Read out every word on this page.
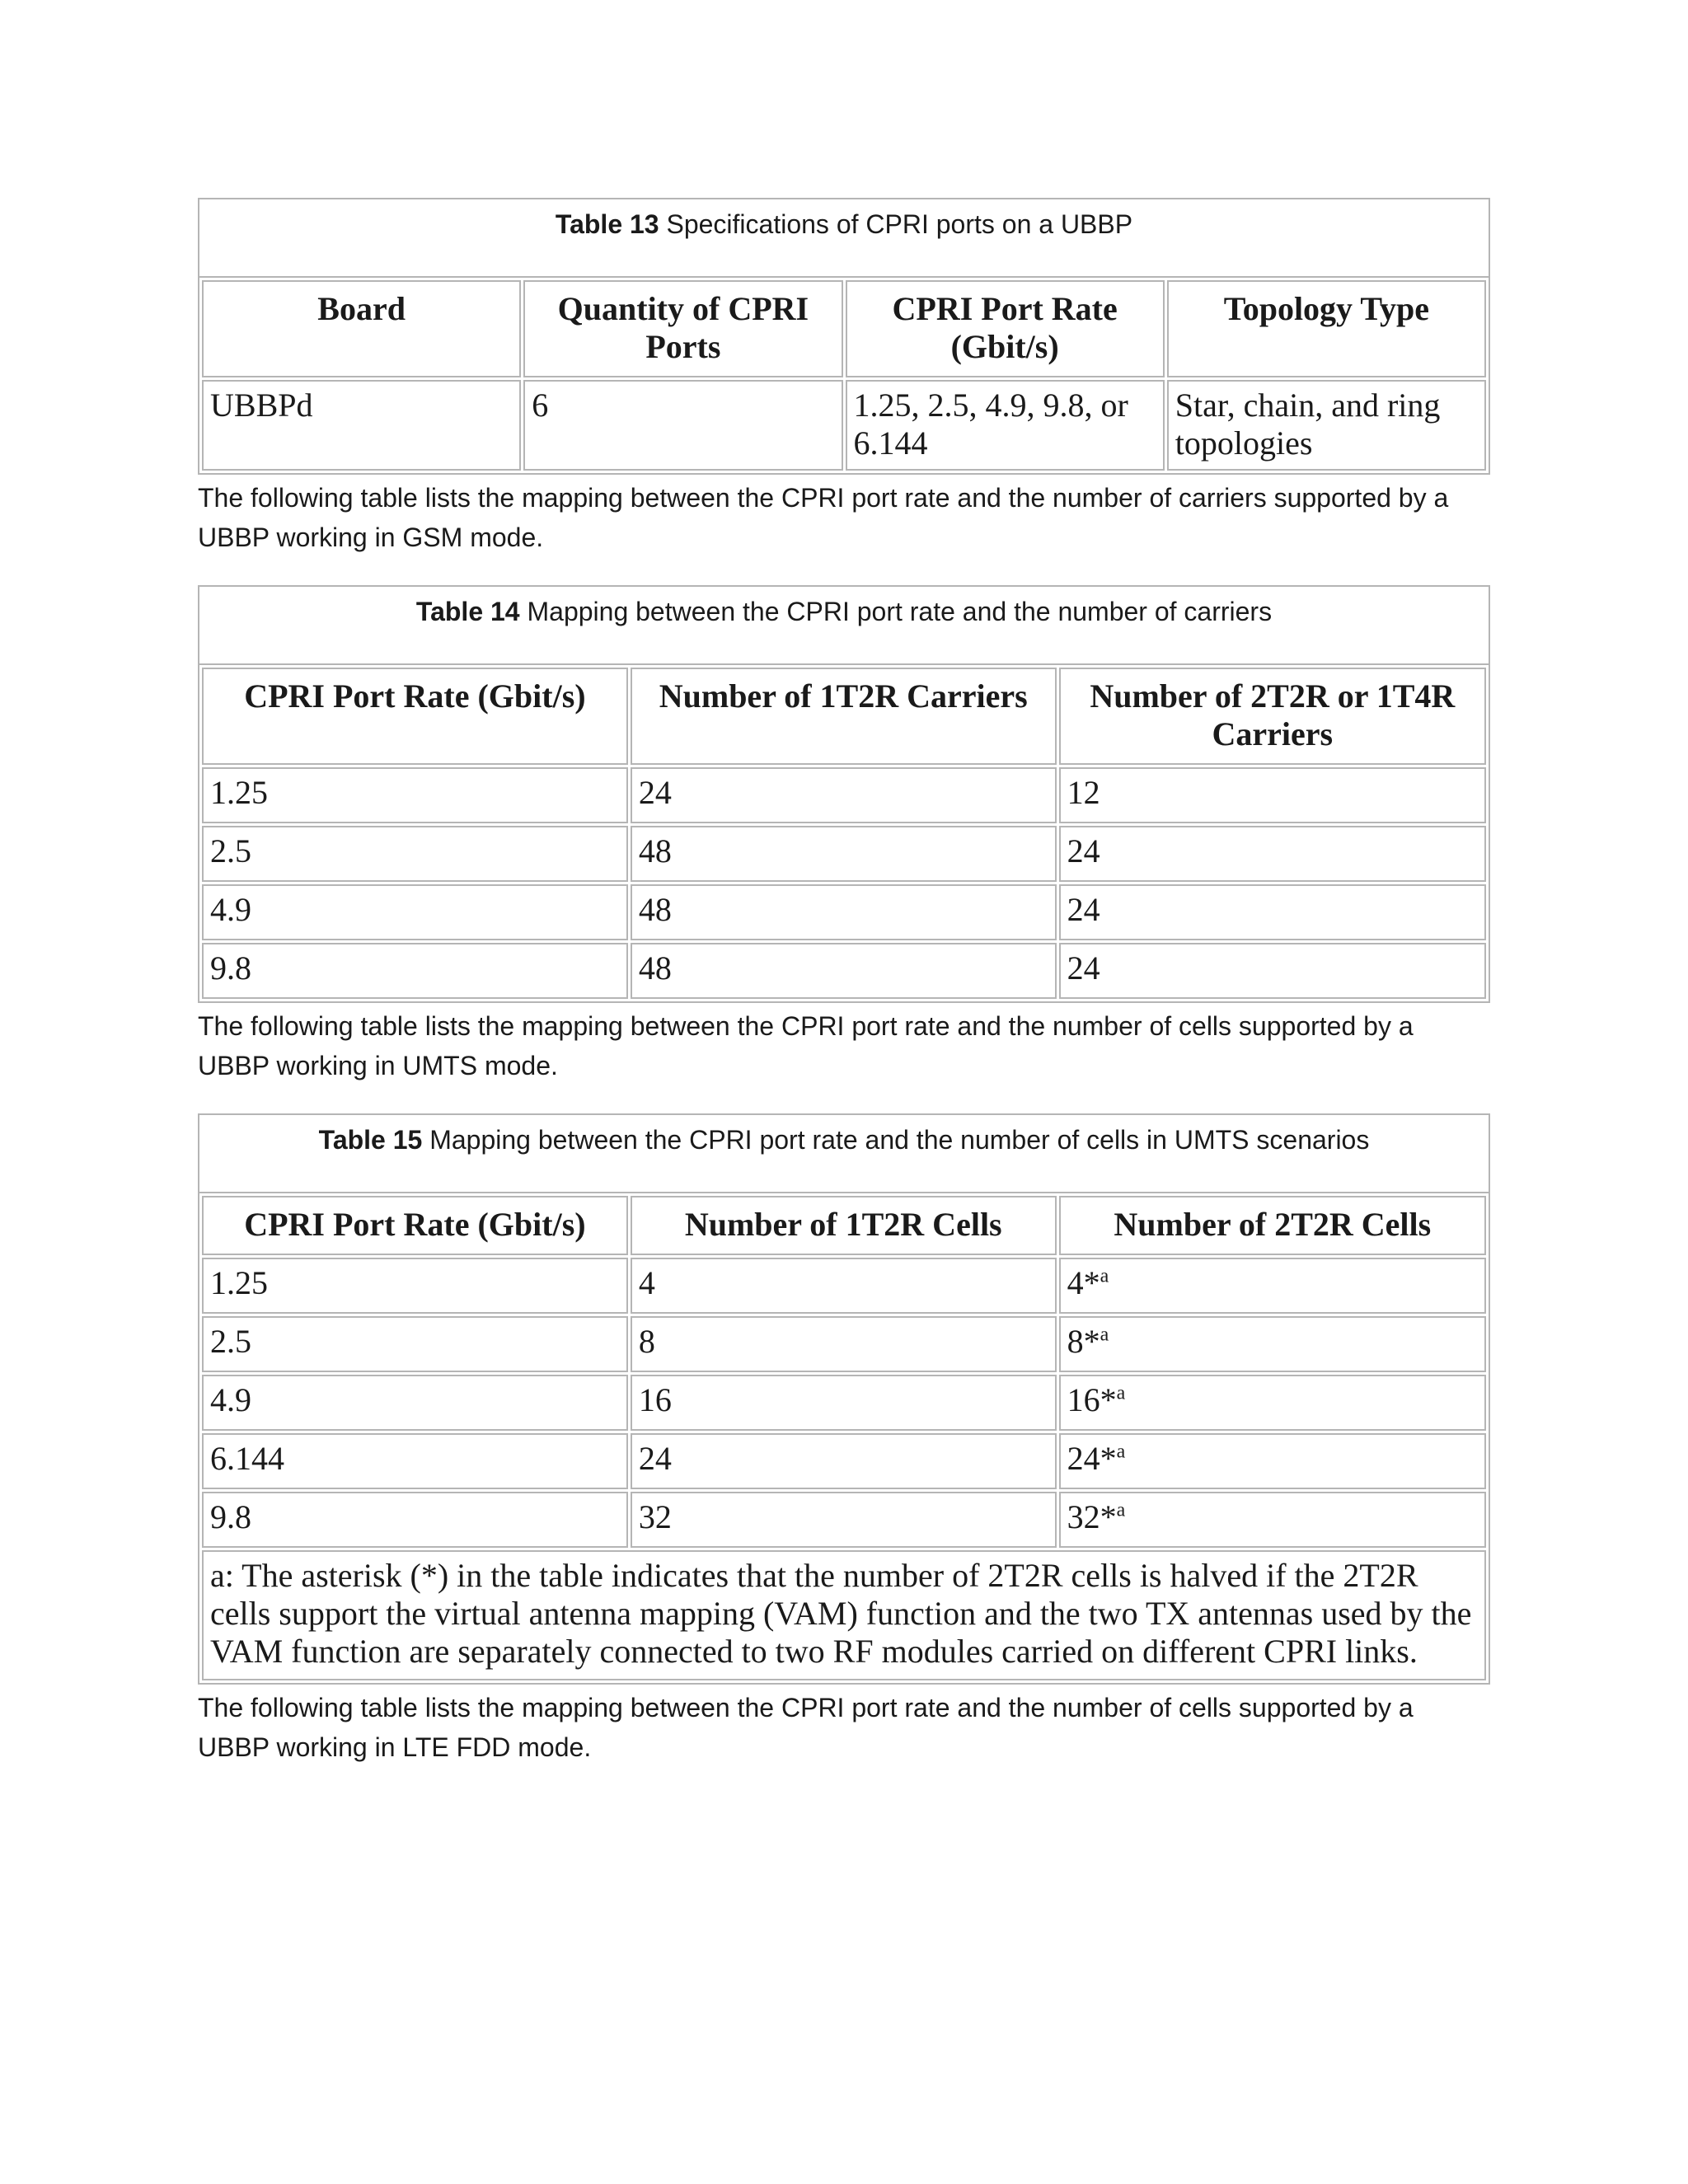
Table 13 Specifications of CPRI ports on a UBBP
Board	Quantity of CPRI Ports	CPRI Port Rate (Gbit/s)	Topology Type
UBBPd	6	1.25, 2.5, 4.9, 9.8, or 6.144	Star, chain, and ring topologies

The following table lists the mapping between the CPRI port rate and the number of carriers supported by a UBBP working in GSM mode.

Table 14 Mapping between the CPRI port rate and the number of carriers
CPRI Port Rate (Gbit/s)	Number of 1T2R Carriers	Number of 2T2R or 1T4R Carriers
1.25	24	12
2.5	48	24
4.9	48	24
9.8	48	24

The following table lists the mapping between the CPRI port rate and the number of cells supported by a UBBP working in UMTS mode.

Table 15 Mapping between the CPRI port rate and the number of cells in UMTS scenarios
CPRI Port Rate (Gbit/s)	Number of 1T2R Cells	Number of 2T2R Cells
1.25	4	4*$^a$
2.5	8	8*$^a$
4.9	16	16*$^a$
6.144	24	24*$^a$
9.8	32	32*$^a$
a: The asterisk (*) in the table indicates that the number of 2T2R cells is halved if the 2T2R cells support the virtual antenna mapping (VAM) function and the two TX antennas used by the VAM function are separately connected to two RF modules carried on different CPRI links.		

The following table lists the mapping between the CPRI port rate and the number of cells supported by a UBBP working in LTE FDD mode.
